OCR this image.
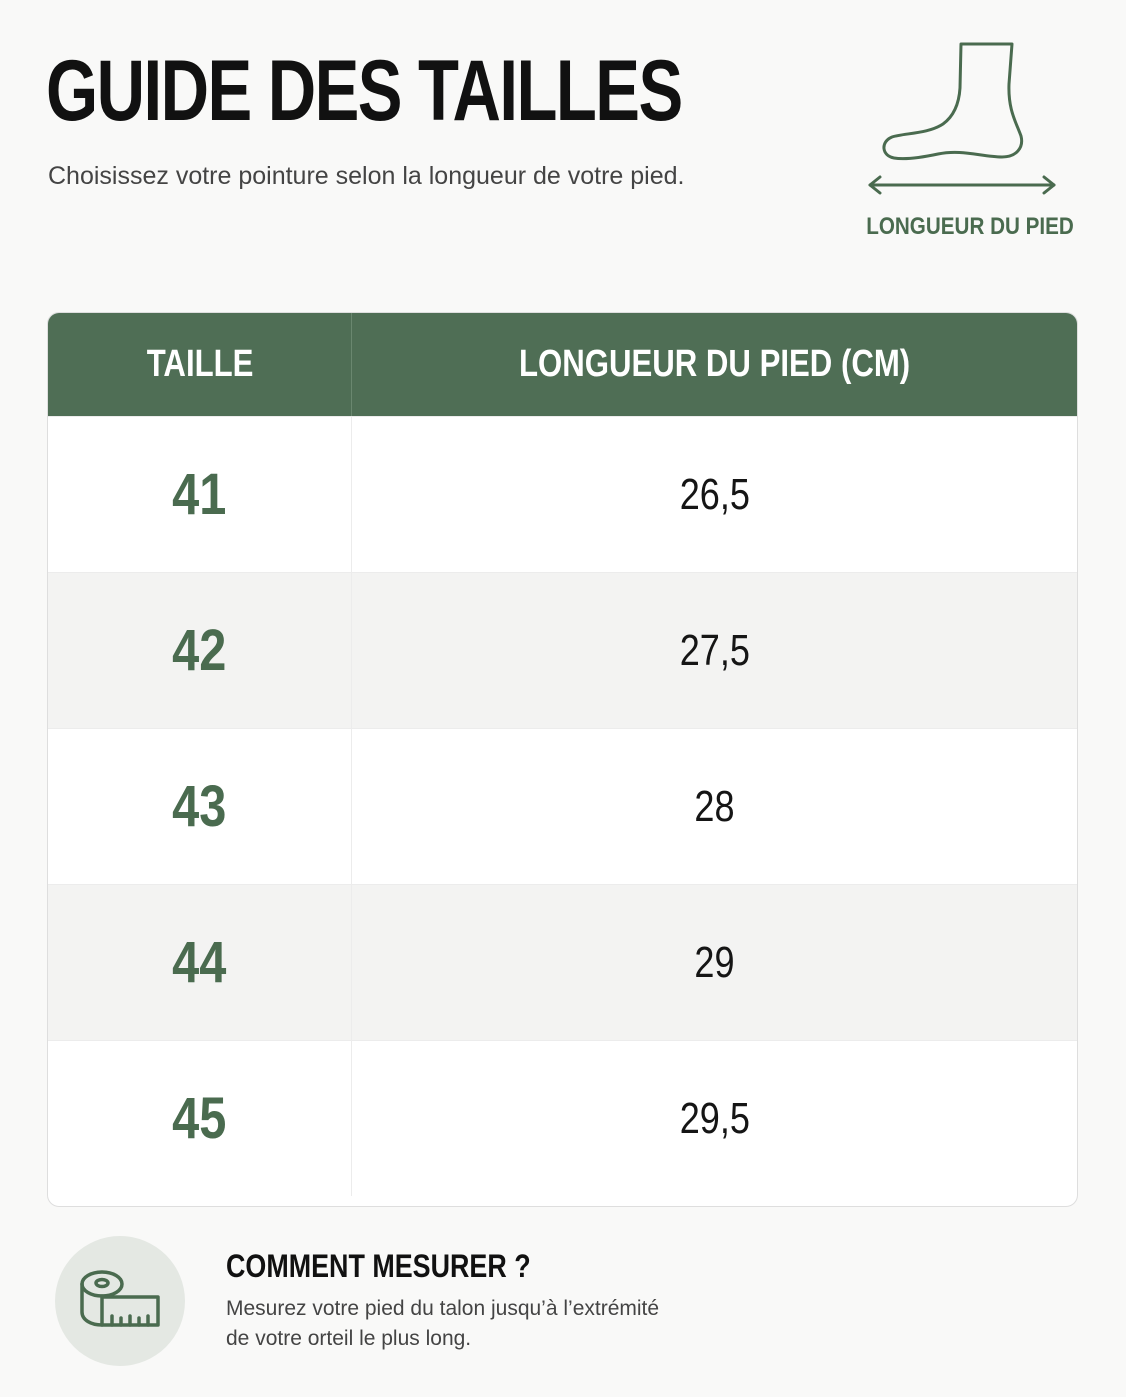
GUIDE DES TAILLES

Choisissez votre pointure selon la longueur de votre pied.

LONGUEUR DU PIED
TAILLE	LONGUEUR DU PIED (CM)
41	26,5
42	27,5
43	28
44	29
45	29,5
COMMENT MESURER ?
Mesurez votre pied du talon jusqu’à l’extrémité
de votre orteil le plus long.
